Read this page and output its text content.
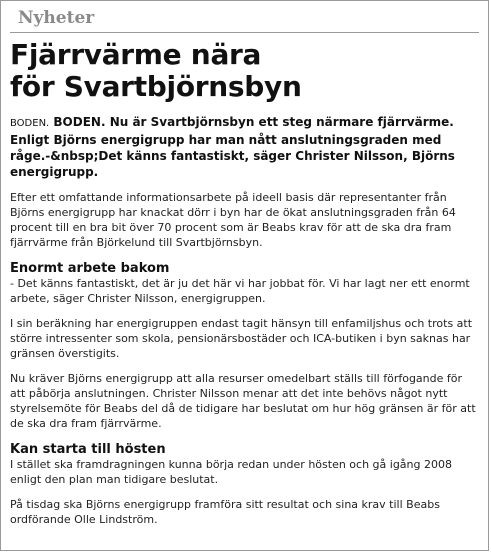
Nyheter
Fjärrvärme nära för Svartbjörnsbyn
BODEN. BODEN. Nu är Svartbjörnsbyn ett steg närmare fjärrvärme. Enligt Björns energigrupp har man nått anslutningsgraden med råge.-&nbsp;Det känns fantastiskt, säger Christer Nilsson, Björns energigrupp.

Efter ett omfattande informationsarbete på ideell basis där representanter från Björns energigrupp har knackat dörr i byn har de ökat anslutningsgraden från 64 procent till en bra bit över 70 procent som är Beabs krav för att de ska dra fram fjärrvärme från Björkelund till Svartbjörnsbyn.

Enormt arbete bakom

- Det känns fantastiskt, det är ju det här vi har jobbat för. Vi har lagt ner ett enormt arbete, säger Christer Nilsson, energigruppen.

I sin beräkning har energigruppen endast tagit hänsyn till enfamiljshus och trots att större intressenter som skola, pensionärsbostäder och ICA-butiken i byn saknas har gränsen överstigits.

Nu kräver Björns energigrupp att alla resurser omedelbart ställs till förfogande för att påbörja anslutningen. Christer Nilsson menar att det inte behövs något nytt styrelsemöte för Beabs del då de tidigare har beslutat om hur hög gränsen är för att de ska dra fram fjärrvärme.

Kan starta till hösten

I stället ska framdragningen kunna börja redan under hösten och gå igång 2008 enligt den plan man tidigare beslutat.

På tisdag ska Björns energigrupp framföra sitt resultat och sina krav till Beabs ordförande Olle Lindström.
